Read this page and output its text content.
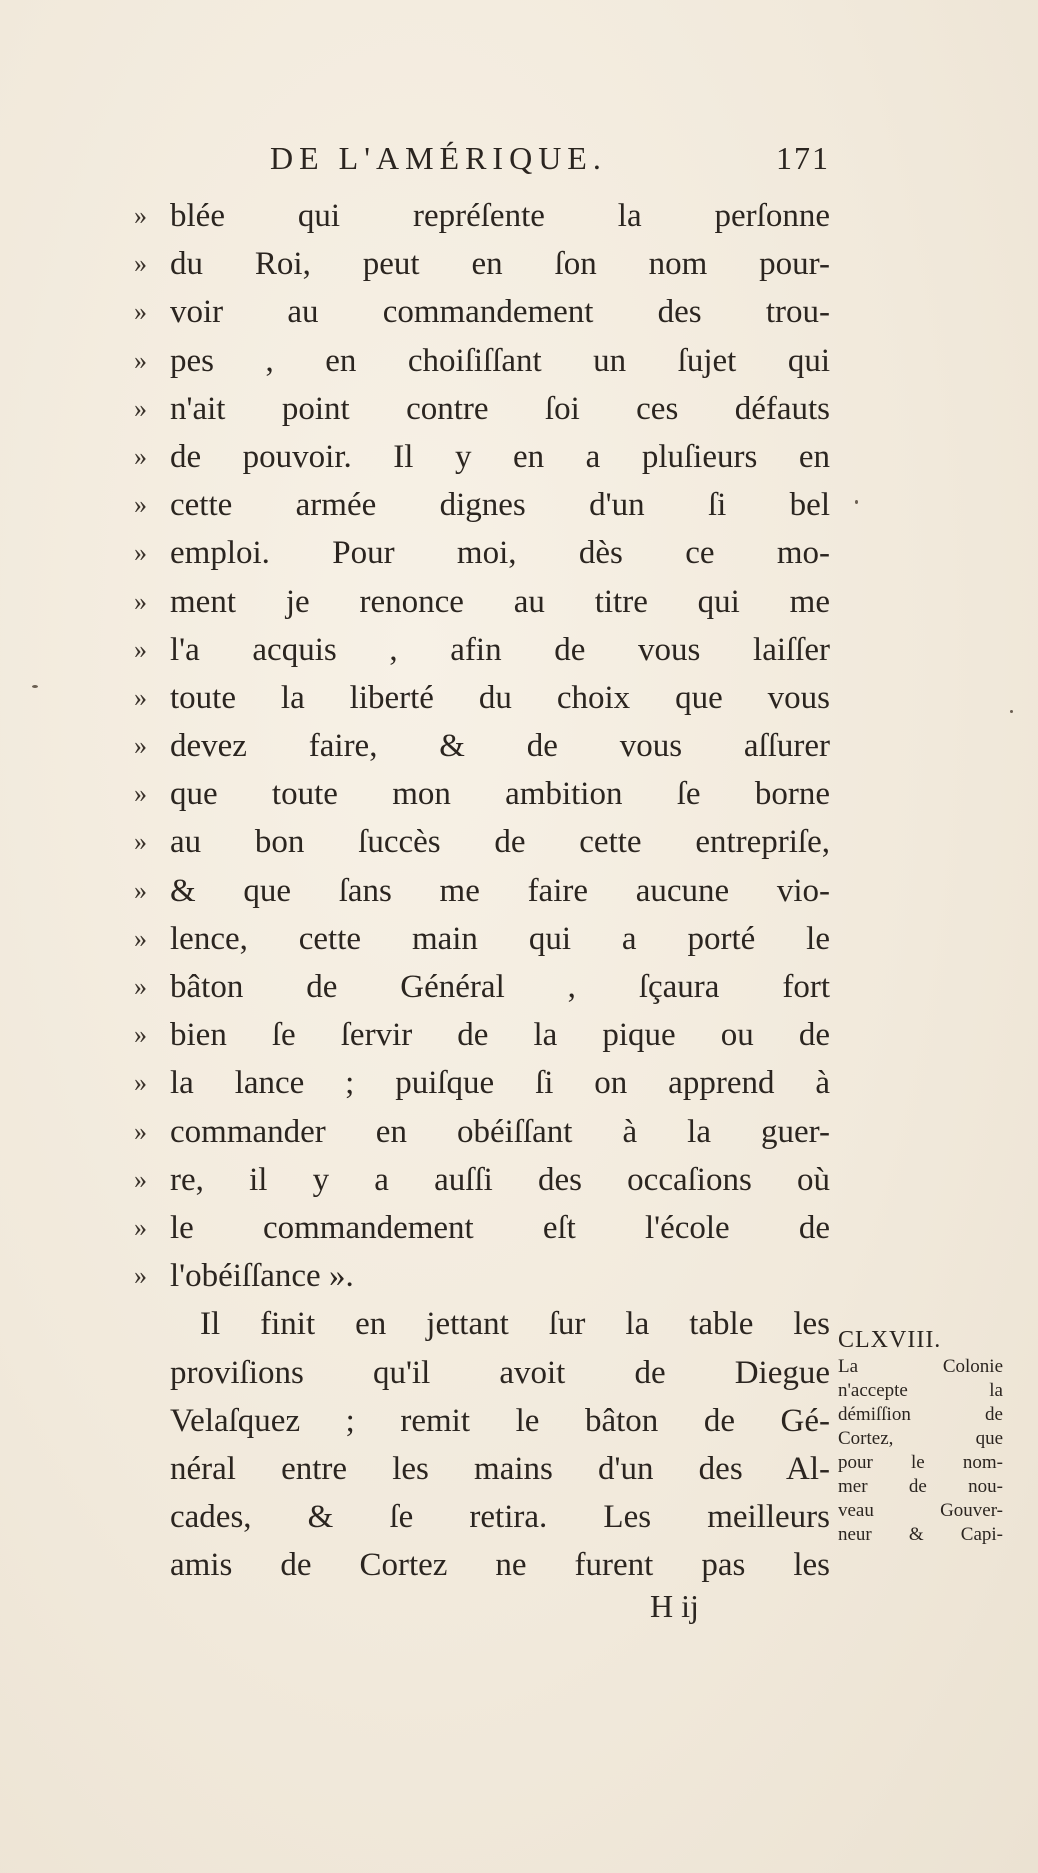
DE L'AMÉRIQUE.	171
» blée qui repréſente la perſonne
» du Roi, peut en ſon nom pour-
» voir au commandement des trou-
» pes , en choiſiſſant un ſujet qui
» n'ait point contre ſoi ces défauts
» de pouvoir. Il y en a pluſieurs en
» cette armée dignes d'un ſi bel
» emploi. Pour moi, dès ce mo-
» ment je renonce au titre qui me
» l'a acquis , afin de vous laiſſer
» toute la liberté du choix que vous
» devez faire, & de vous aſſurer
» que toute mon ambition ſe borne
» au bon ſuccès de cette entrepriſe,
» & que ſans me faire aucune vio-
» lence, cette main qui a porté le
» bâton de Général , ſçaura fort
» bien ſe ſervir de la pique ou de
» la lance ; puiſque ſi on apprend à
» commander en obéiſſant à la guer-
» re, il y a auſſi des occaſions où
» le commandement eſt l'école de
» l'obéiſſance ».
Il finit en jettant ſur la table les
proviſions qu'il avoit de Diegue
Velaſquez ; remit le bâton de Gé-
néral entre les mains d'un des Al-
cades, & ſe retira. Les meilleurs
amis de Cortez ne furent pas les
CLXVIII.
La Colonie
n'accepte la
démiſſion de
Cortez, que
pour le nom-
mer de nou-
veau Gouver-
neur & Capi-
H ij
